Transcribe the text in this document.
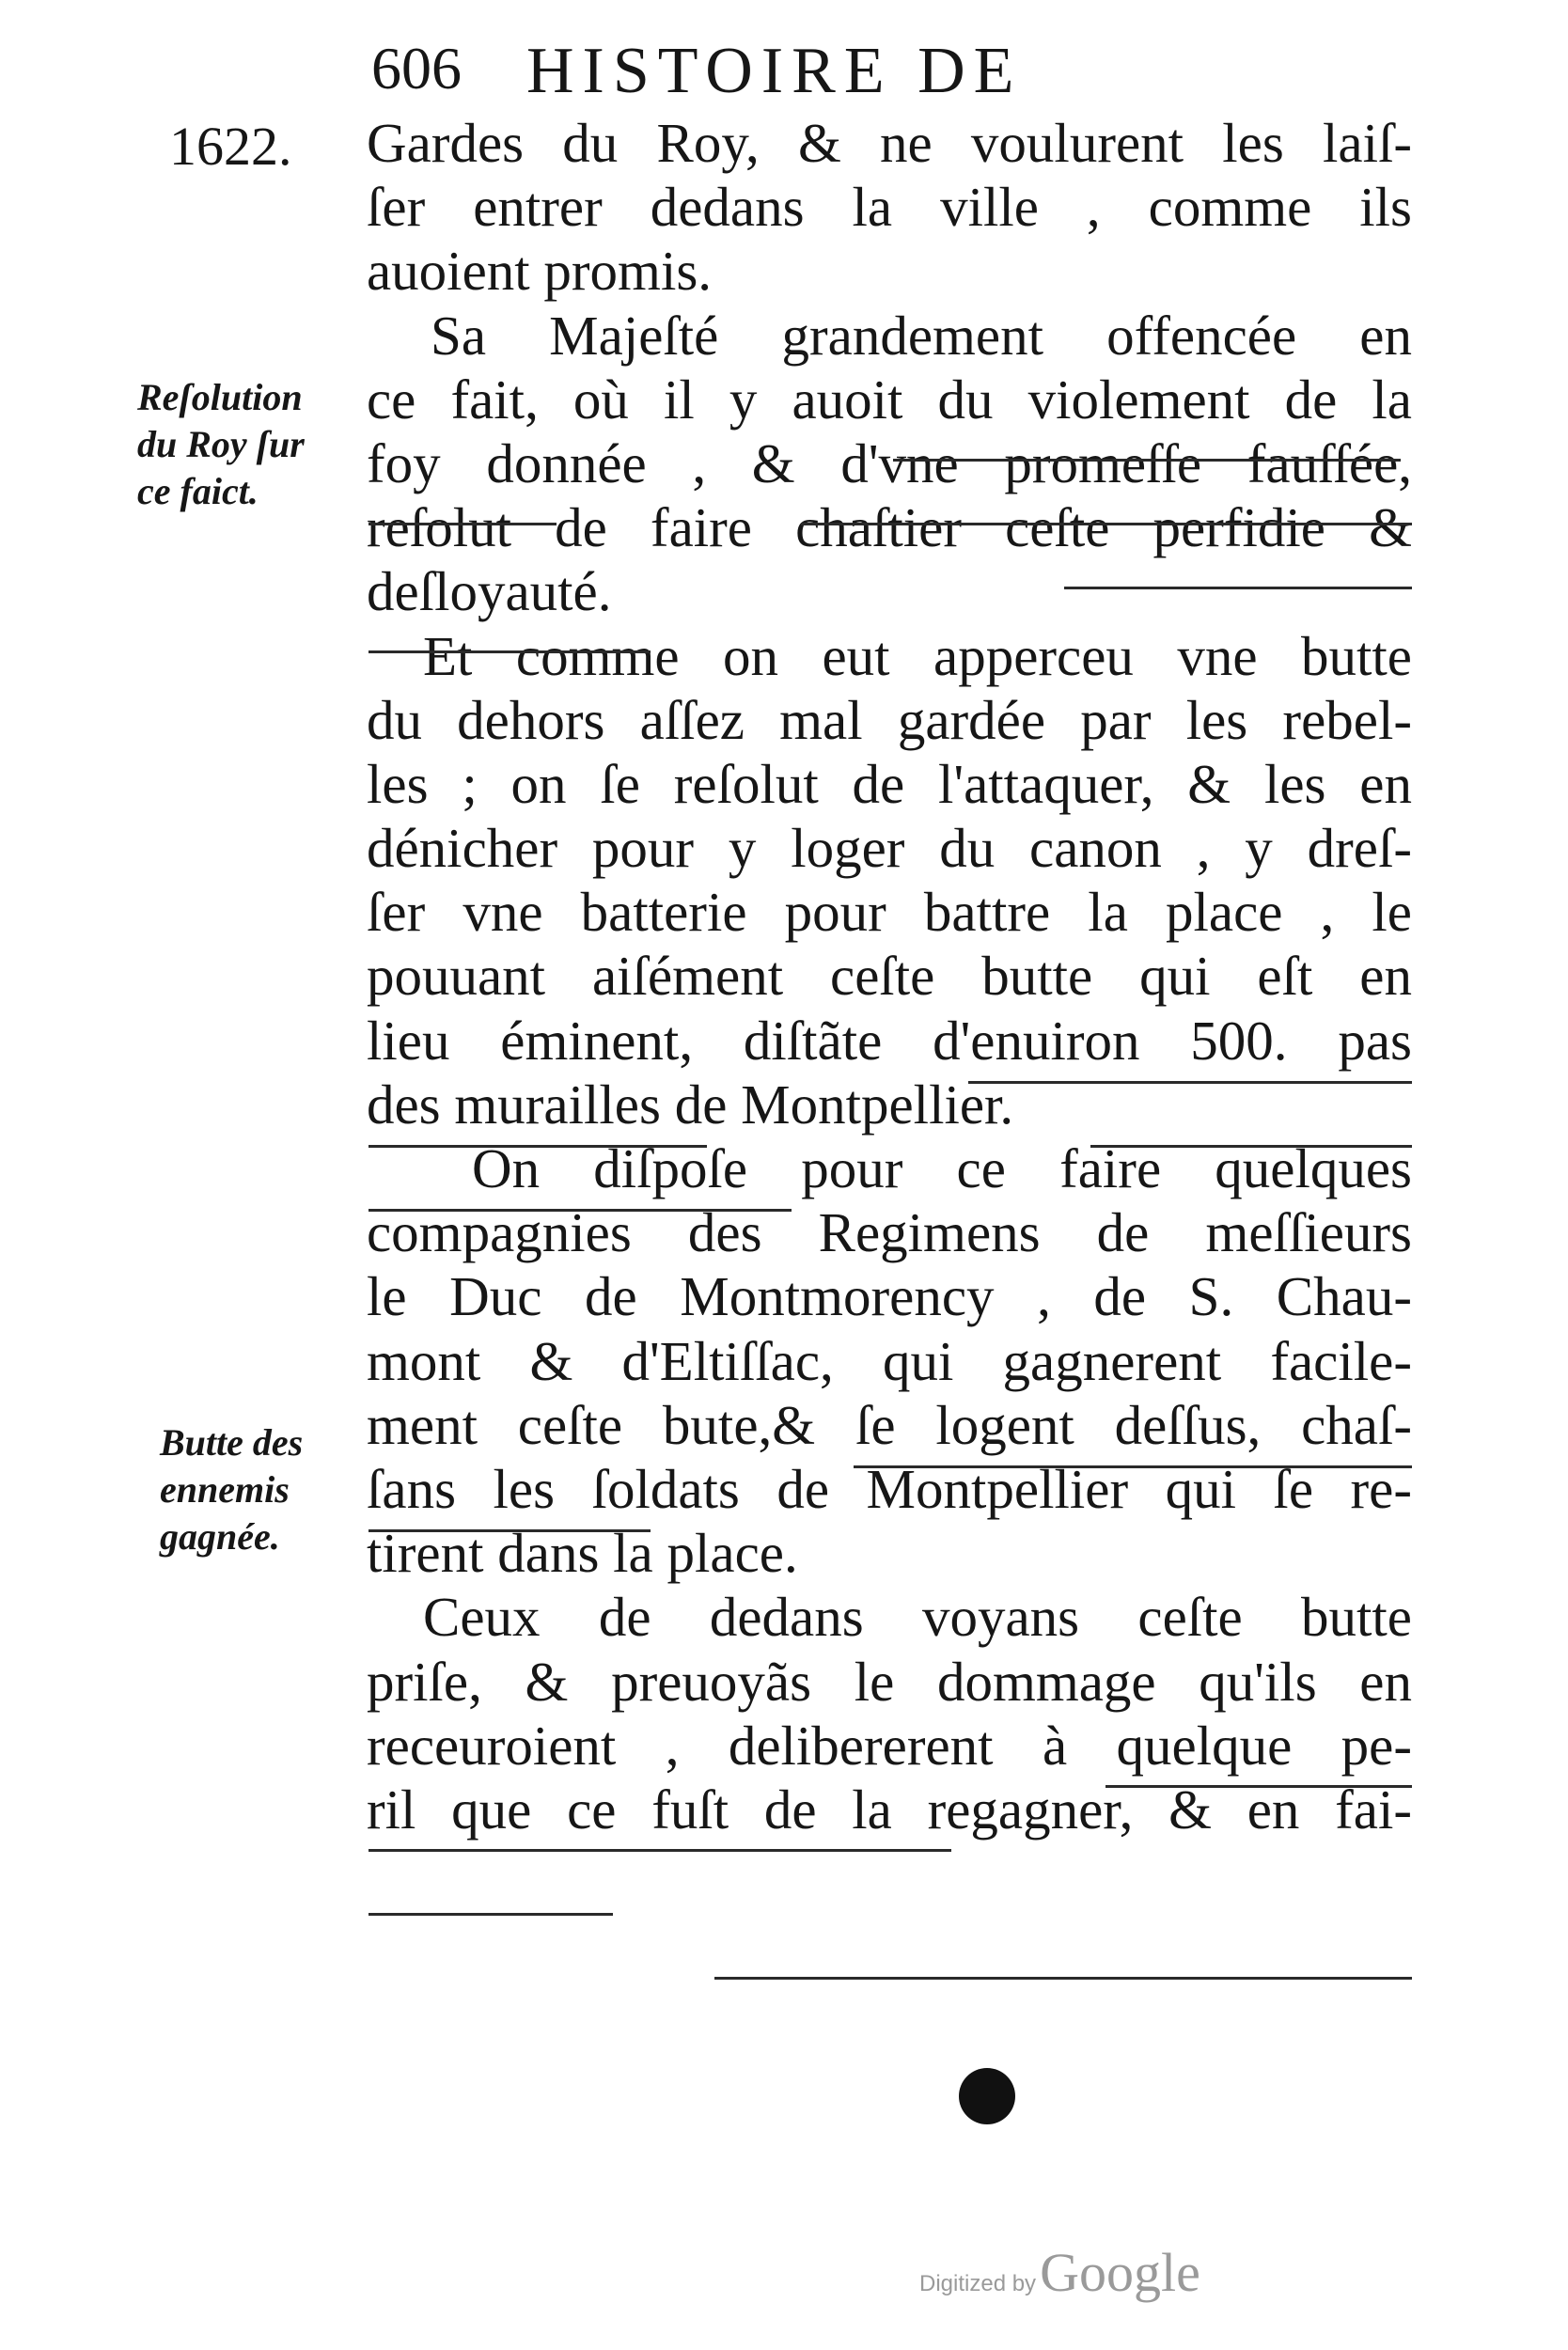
606 HISTOIRE DE
1622.
Reſolution
du Roy ſur
ce faict.
Butte des
ennemis
gagnée.
Gardes du Roy, & ne voulurent les laiſ-
ſer entrer dedans la ville , comme ils
auoient promis.
Sa Majeſté grandement offencée en
ce fait, où il y auoit du violement de la
foy donnée , & d'vne promeſſe fauſſée,
reſolut de faire chaſtier ceſte perfidie &
deſloyauté.
Et comme on eut apperceu vne butte
du dehors aſſez mal gardée par les rebel-
les ; on ſe reſolut de l'attaquer, & les en
dénicher pour y loger du canon , y dreſ-
ſer vne batterie pour battre la place , le
pouuant aiſément ceſte butte qui eſt en
lieu éminent, diſtãte d'enuiron 500. pas
des murailles de Montpellier.
On diſpoſe pour ce faire quelques
compagnies des Regimens de meſſieurs
le Duc de Montmorency , de S. Chau-
mont & d'Eltiſſac, qui gagnerent facile-
ment ceſte bute,& ſe logent deſſus, chaſ-
ſans les ſoldats de Montpellier qui ſe re-
tirent dans la place.
Ceux de dedans voyans ceſte butte
priſe, & preuoyãs le dommage qu'ils en
receuroient , delibererent à quelque pe-
ril que ce fuſt de la regagner, & en fai-
Digitized by Google
